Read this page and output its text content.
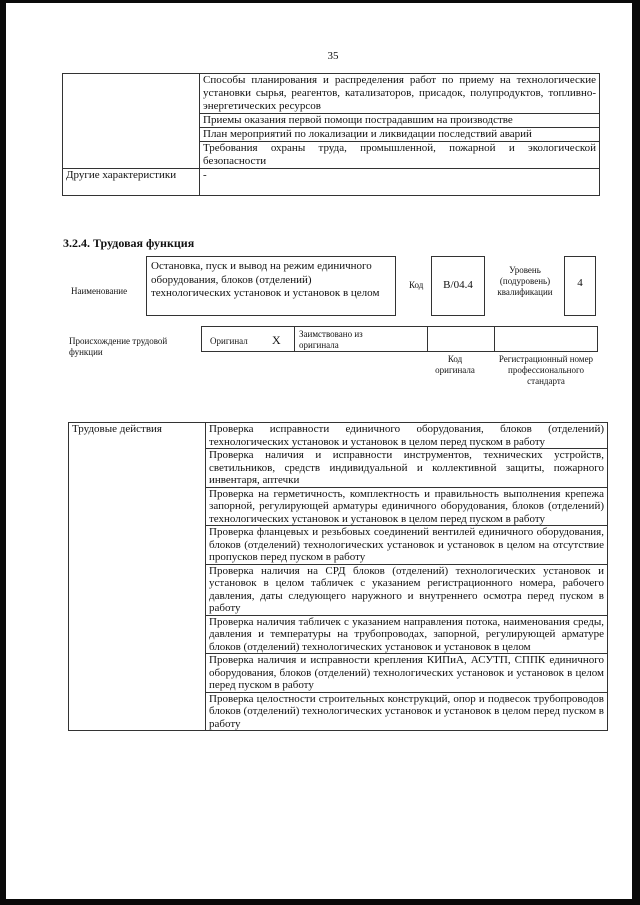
35
	Способы планирования и распределения работ по приему на технологические установки сырья, реагентов, катализаторов, присадок, полупродуктов, топливно-энергетических ресурсов
	Приемы оказания первой помощи пострадавшим на производстве
	План мероприятий по локализации и ликвидации последствий аварий
	Требования охраны труда, промышленной, пожарной и экологической безопасности
Другие характеристики	-
3.2.4. Трудовая функция
Наименование
Остановка, пуск и вывод на режим единичного оборудования, блоков (отделений) технологических установок и установок в целом
Код	B/04.4
Уровень (подуровень) квалификации
4
Происхождение трудовой функции
Оригинал X Заимствовано из оригинала
Код оригинала
Регистрационный номер профессионального стандарта
Трудовые действия	Проверка исправности единичного оборудования, блоков (отделений) технологических установок и установок в целом перед пуском в работу
Проверка наличия и исправности инструментов, технических устройств, светильников, средств индивидуальной и коллективной защиты, пожарного инвентаря, аптечки
Проверка на герметичность, комплектность и правильность выполнения крепежа запорной, регулирующей арматуры единичного оборудования, блоков (отделений) технологических установок и установок в целом перед пуском в работу
Проверка фланцевых и резьбовых соединений вентилей единичного оборудования, блоков (отделений) технологических установок и установок в целом на отсутствие пропусков перед пуском в работу
Проверка наличия на СРД блоков (отделений) технологических установок и установок в целом табличек с указанием регистрационного номера, рабочего давления, даты следующего наружного и внутреннего осмотра перед пуском в работу
Проверка наличия табличек с указанием направления потока, наименования среды, давления и температуры на трубопроводах, запорной, регулирующей арматуре блоков (отделений) технологических установок и установок в целом
Проверка наличия и исправности крепления КИПиА, АСУТП, СППК единичного оборудования, блоков (отделений) технологических установок и установок в целом перед пуском в работу
Проверка целостности строительных конструкций, опор и подвесок трубопроводов блоков (отделений) технологических установок и установок в целом перед пуском в работу
